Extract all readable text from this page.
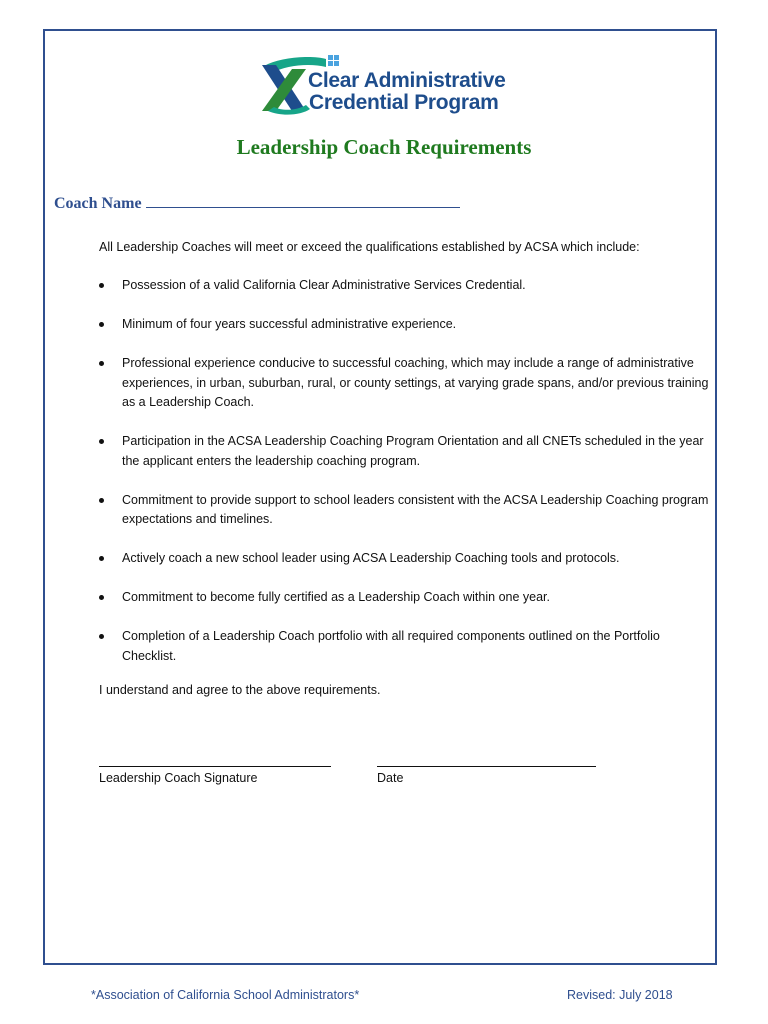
Clear Administrative
Credential Program
Leadership Coach Requirements
Coach Name
All Leadership Coaches will meet or exceed the qualifications established by ACSA which include:
Possession of a valid California Clear Administrative Services Credential.
Minimum of four years successful administrative experience.
Professional experience conducive to successful coaching, which may include a range of administrative experiences, in urban, suburban, rural, or county settings, at varying grade spans, and/or previous training as a Leadership Coach.
Participation in the ACSA Leadership Coaching Program Orientation and all CNETs scheduled in the year the applicant enters the leadership coaching program.
Commitment to provide support to school leaders consistent with the ACSA Leadership Coaching program expectations and timelines.
Actively coach a new school leader using ACSA Leadership Coaching tools and protocols.
Commitment to become fully certified as a Leadership Coach within one year.
Completion of a Leadership Coach portfolio with all required components outlined on the Portfolio Checklist.
I understand and agree to the above requirements.
Leadership Coach Signature	Date
*Association of California School Administrators*	Revised: July 2018
